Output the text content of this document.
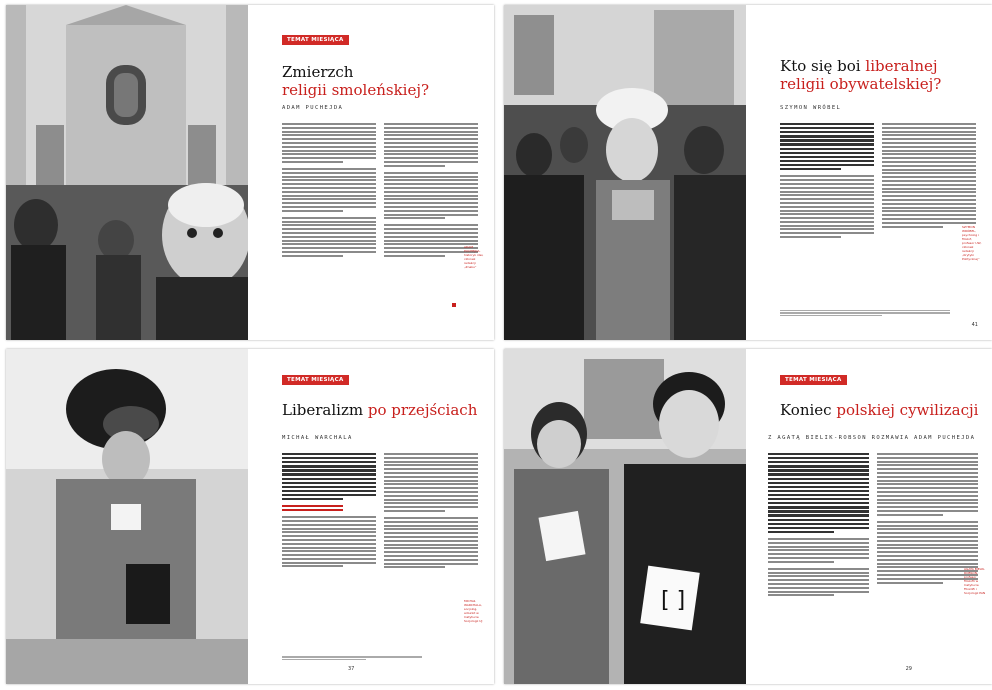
TEMAT MIESIĄCA
Zmierzch
religii smoleńskiej?
ADAM PUCHEJDA
ADAM PUCHEJDA, historyk idei, członek redakcji „Znaku”
Kto się boi liberalnej religii obywatelskiej?
SZYMON WRÓBEL
SZYMON WRÓBEL, psycholog i filozof, profesor UW, członek redakcji „Krytyki Politycznej”
41
TEMAT MIESIĄCA
Liberalizm po przejściach
MICHAŁ WARCHALA
MICHAŁ WARCHALA, socjolog, adiunkt w Instytucie Socjologii UJ
37
[ ]
TEMAT MIESIĄCA
Koniec polskiej cywilizacji
Z AGATĄ BIELIK-ROBSON ROZMAWIA ADAM PUCHEJDA
AGATA BIELIK-ROBSON, profesor filozofii w Instytucie Filozofii i Socjologii PAN
29
